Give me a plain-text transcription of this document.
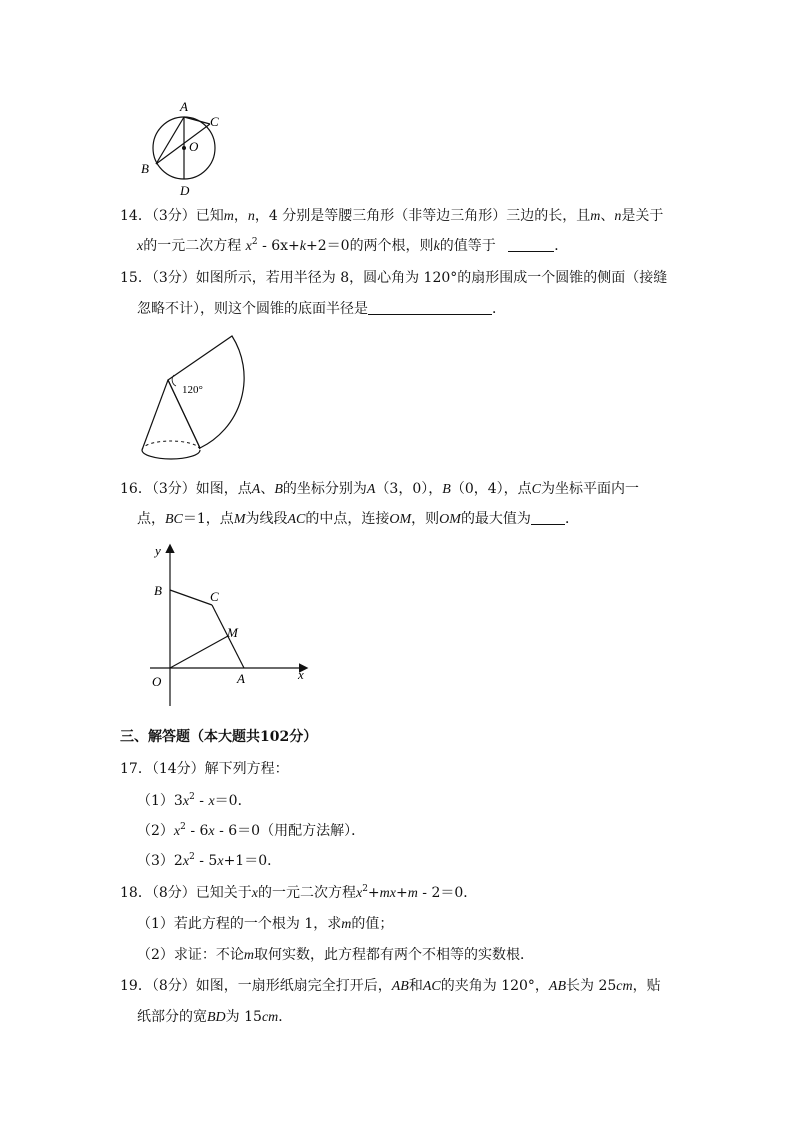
A
C
O
B
D
14．（3分）已知m，n，4 分别是等腰三角形（非等边三角形）三边的长，且m、n是关于
x的一元二次方程 $x^2 - 6x+k+2=0$的两个根，则k的值等于	．
15．（3分）如图所示，若用半径为 8，圆心角为 120°的扇形围成一个圆锥的侧面（接缝
忽略不计），则这个圆锥的底面半径是	．
120°
16．（3分）如图，点A、B的坐标分别为A（3，0），B（0，4），点C为坐标平面内一
点，BC＝1，点M为线段AC的中点，连接OM，则OM的最大值为 ．
y
B	C
M
O	A	x
三、解答题（本大题共102分）
17．（14分）解下列方程：
$(1)3x^2 - x=0$．
$(2)x^2 - 6x - 6=0$（用配方法解）．
$(3)2x^2 - 5x+1=0$．
18．（8分）已知关于x的一元二次方程$x^2+mx+m - 2=0$．
（1）若此方程的一个根为 1，求m的值；
（2）求证：不论m取何实数，此方程都有两个不相等的实数根．
19．（8分）如图，一扇形纸扇完全打开后，AB和AC的夹角为 120°，AB长为 25cm，贴
纸部分的宽BD为 15cm．
